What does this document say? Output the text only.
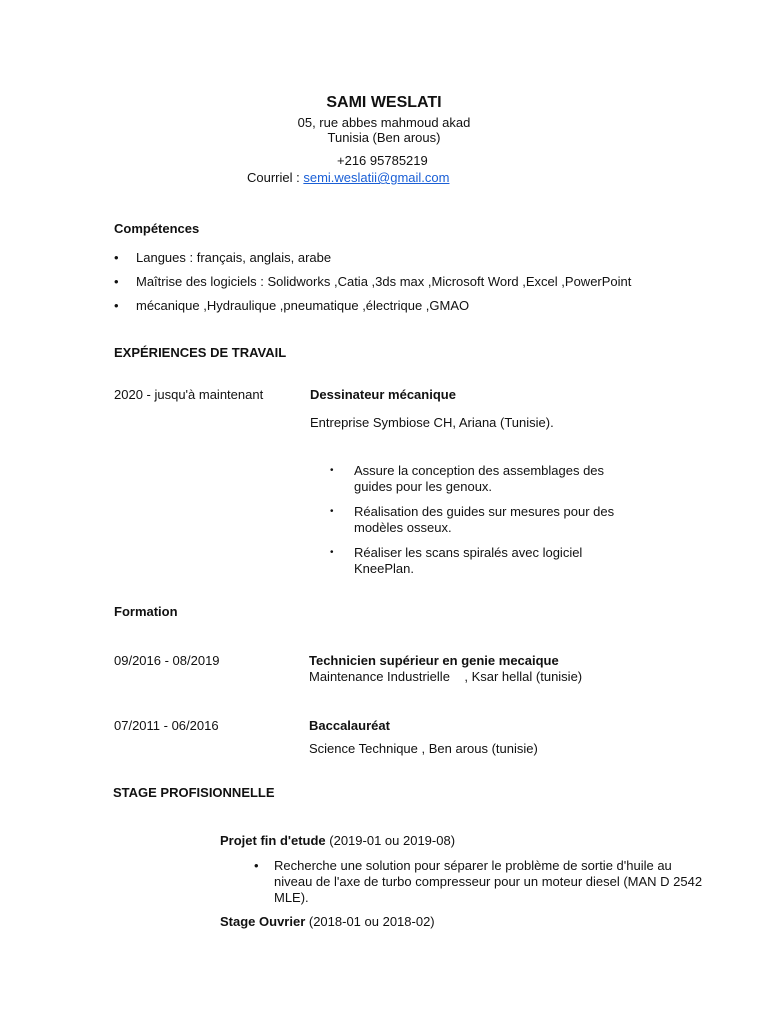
SAMI WESLATI
05, rue abbes mahmoud akad
Tunisia (Ben arous)
+216 95785219
Courriel : semi.weslatii@gmail.com
Compétences
• Langues : français, anglais, arabe
• Maîtrise des logiciels : Solidworks ,Catia ,3ds max ,Microsoft Word ,Excel ,PowerPoint
• mécanique ,Hydraulique ,pneumatique ,électrique ,GMAO
EXPÉRIENCES DE TRAVAIL
2020 - jusqu'à maintenant	Dessinateur mécanique
Entreprise Symbiose CH, Ariana (Tunisie).
• Assure la conception des assemblages des guides pour les genoux.
• Réalisation des guides sur mesures pour des modèles osseux.
• Réaliser les scans spiralés avec logiciel KneePlan.
Formation
09/2016 - 08/2019	Technicien supérieur en genie mecaique
Maintenance Industrielle    , Ksar hellal (tunisie)
07/2011 - 06/2016	Baccalauréat
Science Technique , Ben arous (tunisie)
STAGE PROFISIONNELLE
Projet fin d'etude (2019-01 ou 2019-08)
• Recherche une solution pour séparer le problème de sortie d'huile au niveau de l'axe de turbo compresseur pour un moteur diesel (MAN D 2542 MLE).
Stage Ouvrier (2018-01 ou 2018-02)
